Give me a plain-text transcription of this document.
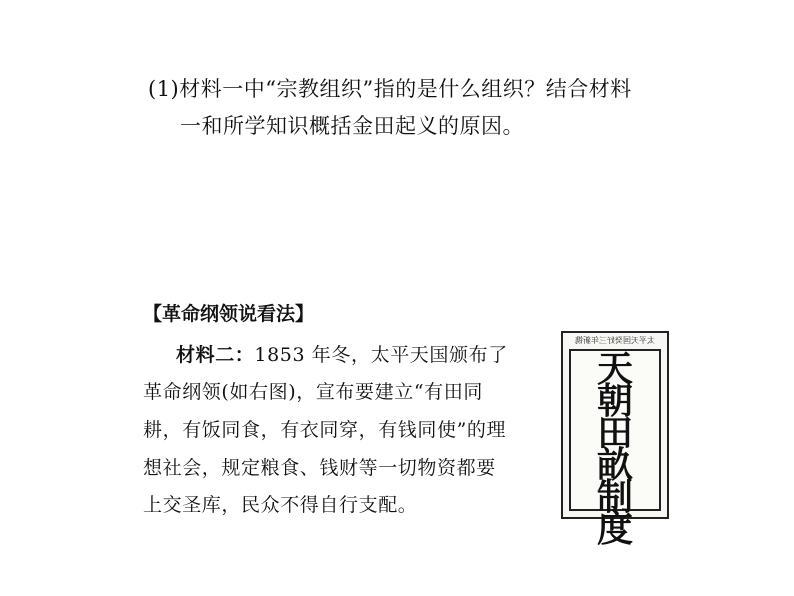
(1)材料一中“宗教组织”指的是什么组织？结合材料
一和所学知识概括金田起义的原因。
【革命纲领说看法】
材料二：1853 年冬，太平天国颁布了
革命纲领(如右图)，宣布要建立“有田同
耕，有饭同食，有衣同穿，有钱同使”的理
想社会，规定粮食、钱财等一切物资都要
上交圣库，民众不得自行支配。
太平天国癸好三年新镌
天
朝
田
畝
制
度
